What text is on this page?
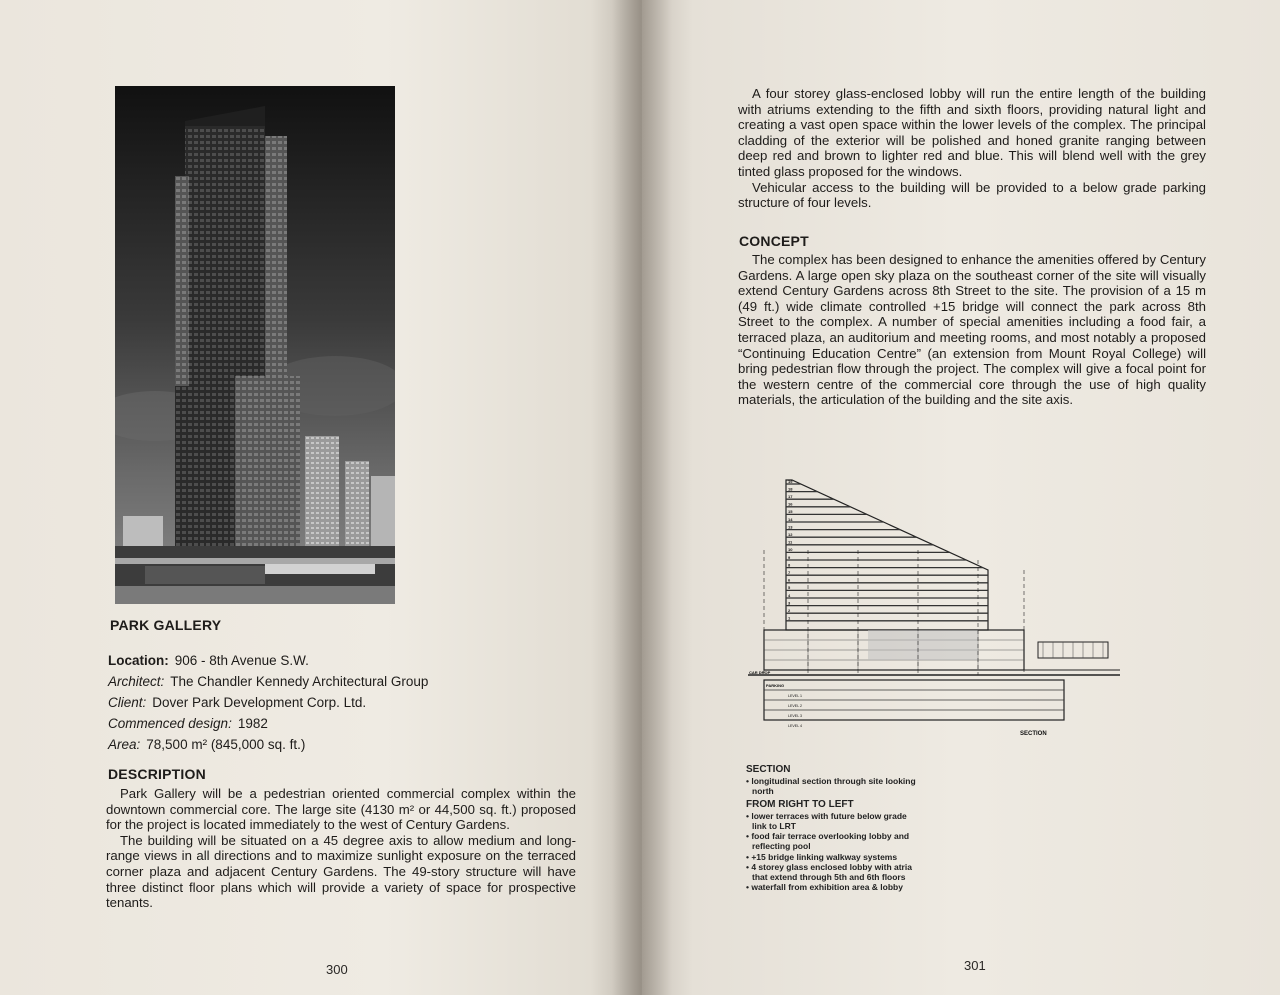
PARK GALLERY
Location: 906 - 8th Avenue S.W.
Architect: The Chandler Kennedy Architectural Group
Client: Dover Park Development Corp. Ltd.
Commenced design: 1982
Area: 78,500 m² (845,000 sq. ft.)
DESCRIPTION

Park Gallery will be a pedestrian oriented commercial complex within the downtown commercial core. The large site (4130 m² or 44,500 sq. ft.) proposed for the project is located immediately to the west of Century Gardens.

The building will be situated on a 45 degree axis to allow medium and long-range views in all directions and to maximize sunlight exposure on the terraced corner plaza and adjacent Century Gardens. The 49-story structure will have three distinct floor plans which will provide a variety of space for prospective tenants.

300

A four storey glass-enclosed lobby will run the entire length of the building with atriums extending to the fifth and sixth floors, providing natural light and creating a vast open space within the lower levels of the complex. The principal cladding of the exterior will be polished and honed granite ranging between deep red and brown to lighter red and blue. This will blend well with the grey tinted glass proposed for the windows.

Vehicular access to the building will be provided to a below grade parking structure of four levels.

CONCEPT

The complex has been designed to enhance the amenities offered by Century Gardens. A large open sky plaza on the southeast corner of the site will visually extend Century Gardens across 8th Street to the site. The provision of a 15 m (49 ft.) wide climate controlled +15 bridge will connect the park across 8th Street to the complex. A number of special amenities including a food fair, a terraced plaza, an auditorium and meeting rooms, and most notably a proposed “Continuing Education Centre” (an extension from Mount Royal College) will bring pedestrian flow through the project. The complex will give a focal point for the western centre of the commercial core through the use of high quality materials, the articulation of the building and the site axis.

301
19
18
17
16
15
14
13
12
11
10
9
8
7
6
5
4
3
2
1
CAR DROP
PARKING
LEVEL 1
LEVEL 2
LEVEL 3
LEVEL 4
SECTION
SECTION
• longitudinal section through site looking north
FROM RIGHT TO LEFT
• lower terraces with future below grade link to LRT
• food fair terrace overlooking lobby and reflecting pool
• +15 bridge linking walkway systems
• 4 storey glass enclosed lobby with atria that extend through 5th and 6th floors
• waterfall from exhibition area & lobby
